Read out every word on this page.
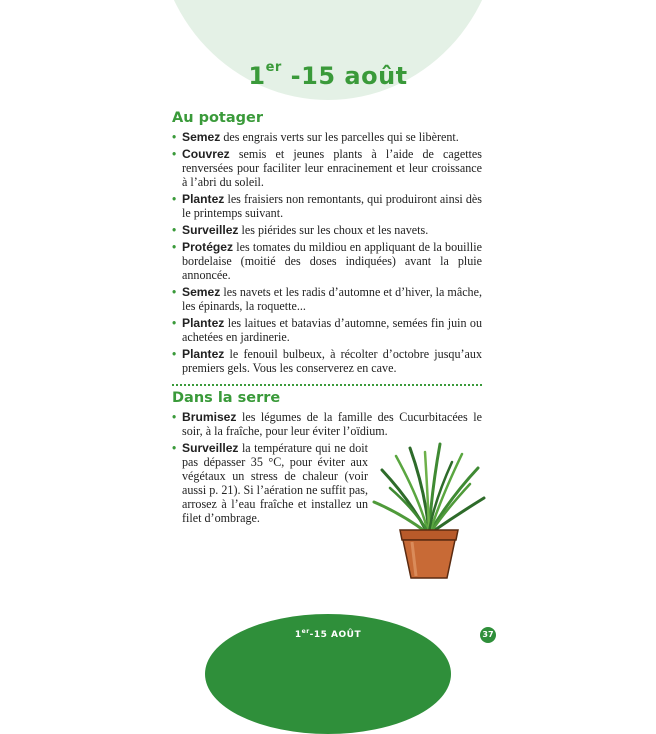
1er -15 août
Au potager
• Semez des engrais verts sur les parcelles qui se libèrent.
• Couvrez semis et jeunes plants à l’aide de cagettes renversées pour faciliter leur enracinement et leur croissance à l’abri du soleil.
• Plantez les fraisiers non remontants, qui produiront ainsi dès le printemps suivant.
• Surveillez les piérides sur les choux et les navets.
• Protégez les tomates du mildiou en appliquant de la bouillie bordelaise (moitié des doses indiquées) avant la pluie annoncée.
• Semez les navets et les radis d’automne et d’hiver, la mâche, les épinards, la roquette...
• Plantez les laitues et batavias d’automne, semées fin juin ou achetées en jardinerie.
• Plantez le fenouil bulbeux, à récolter d’octobre jusqu’aux premiers gels. Vous les conserverez en cave.
Dans la serre
• Brumisez les légumes de la famille des Cucurbitacées le soir, à la fraîche, pour leur éviter l’oïdium.
• Surveillez la température qui ne doit pas dépasser 35 °C, pour éviter aux végétaux un stress de chaleur (voir aussi p. 21). Si l’aération ne suffit pas, arrosez à l’eau fraîche et installez un filet d’ombrage.
1er-15 AOÛT	37
